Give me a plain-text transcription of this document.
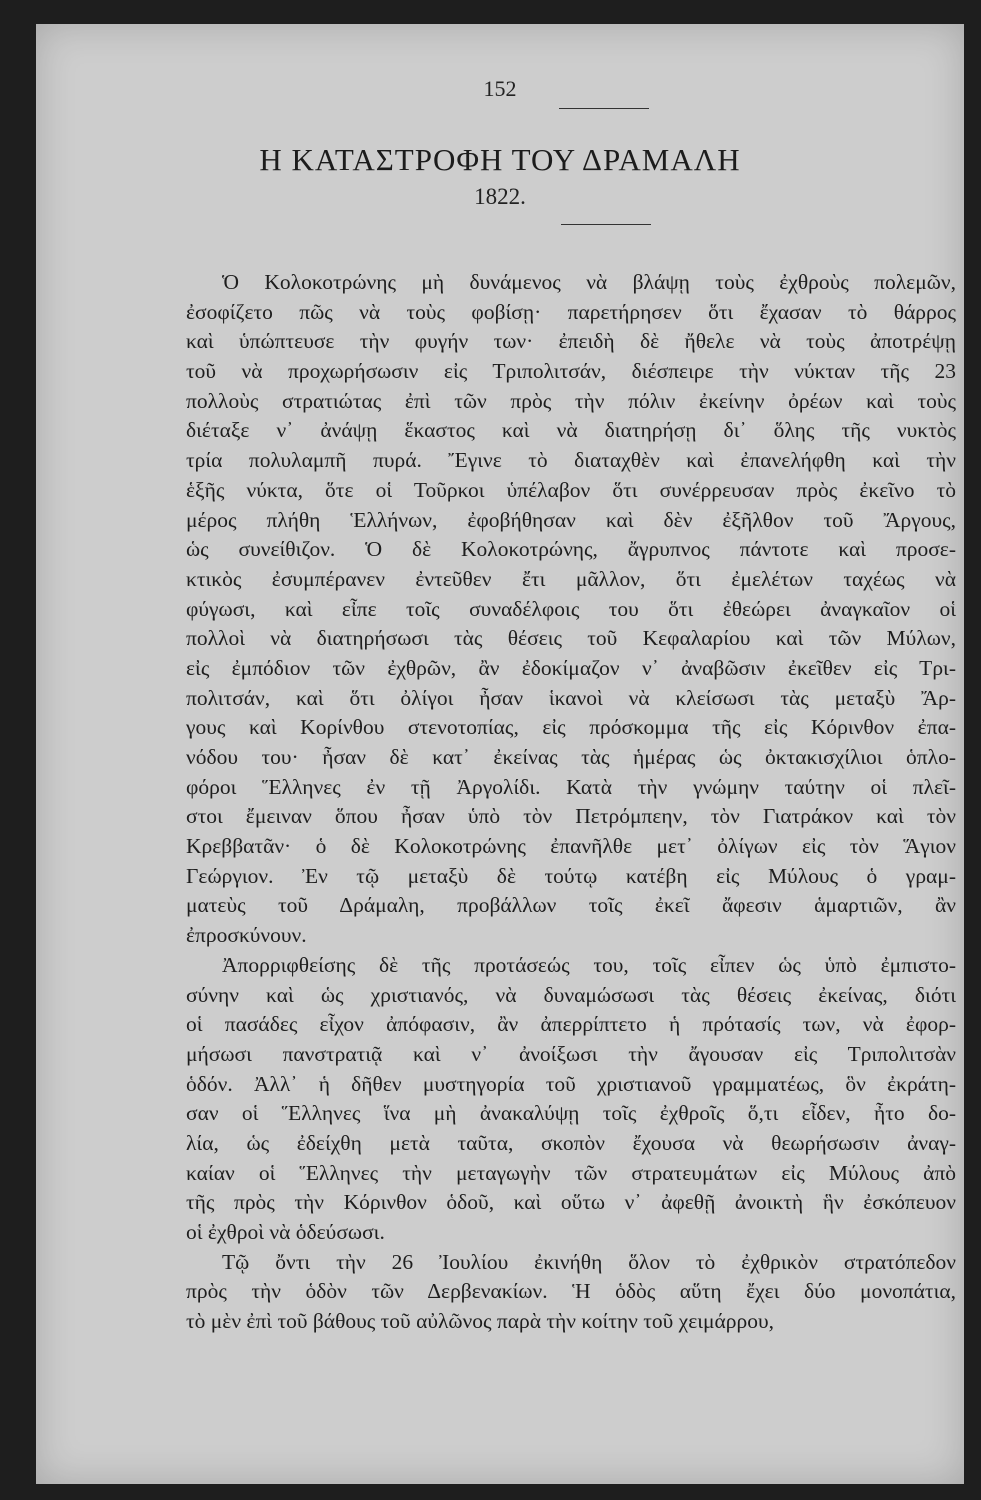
152
Η ΚΑΤΑΣΤΡΟΦΗ ΤΟΥ ΔΡΑΜΑΛΗ
1822.
Ὁ Κολοκοτρώνης μὴ δυνάμενος νὰ βλάψῃ τοὺς ἐχθροὺς πολεμῶν,
ἐσοφίζετο πῶς νὰ τοὺς φοβίσῃ· παρετήρησεν ὅτι ἔχασαν τὸ θάρρος
καὶ ὑπώπτευσε τὴν φυγήν των· ἐπειδὴ δὲ ἤθελε νὰ τοὺς ἀποτρέψῃ
τοῦ νὰ προχωρήσωσιν εἰς Τριπολιτσάν, διέσπειρε τὴν νύκταν τῆς 23
πολλοὺς στρατιώτας ἐπὶ τῶν πρὸς τὴν πόλιν ἐκείνην ὀρέων καὶ τοὺς
διέταξε ν᾿ ἀνάψῃ ἕκαστος καὶ νὰ διατηρήσῃ δι᾿ ὅλης τῆς νυκτὸς
τρία πολυλαμπῆ πυρά. Ἔγινε τὸ διαταχθὲν καὶ ἐπανελήφθη καὶ τὴν
ἑξῆς νύκτα, ὅτε οἱ Τοῦρκοι ὑπέλαβον ὅτι συνέρρευσαν πρὸς ἐκεῖνο τὸ
μέρος πλήθη Ἑλλήνων, ἐφοβήθησαν καὶ δὲν ἐξῆλθον τοῦ Ἄργους,
ὡς συνείθιζον. Ὁ δὲ Κολοκοτρώνης, ἄγρυπνος πάντοτε καὶ προσε-
κτικὸς ἐσυμπέρανεν ἐντεῦθεν ἔτι μᾶλλον, ὅτι ἐμελέτων ταχέως νὰ
φύγωσι, καὶ εἶπε τοῖς συναδέλφοις του ὅτι ἐθεώρει ἀναγκαῖον οἱ
πολλοὶ νὰ διατηρήσωσι τὰς θέσεις τοῦ Κεφαλαρίου καὶ τῶν Μύλων,
εἰς ἐμπόδιον τῶν ἐχθρῶν, ἂν ἐδοκίμαζον ν᾿ ἀναβῶσιν ἐκεῖθεν εἰς Τρι-
πολιτσάν, καὶ ὅτι ὀλίγοι ἦσαν ἱκανοὶ νὰ κλείσωσι τὰς μεταξὺ Ἄρ-
γους καὶ Κορίνθου στενοτοπίας, εἰς πρόσκομμα τῆς εἰς Κόρινθον ἐπα-
νόδου του· ἦσαν δὲ κατ᾿ ἐκείνας τὰς ἡμέρας ὡς ὀκτακισχίλιοι ὁπλο-
φόροι Ἕλληνες ἐν τῇ Ἀργολίδι. Κατὰ τὴν γνώμην ταύτην οἱ πλεῖ-
στοι ἔμειναν ὅπου ἦσαν ὑπὸ τὸν Πετρόμπεην, τὸν Γιατράκον καὶ τὸν
Κρεββατᾶν· ὁ δὲ Κολοκοτρώνης ἐπανῆλθε μετ᾿ ὀλίγων εἰς τὸν Ἅγιον
Γεώργιον. Ἐν τῷ μεταξὺ δὲ τούτῳ κατέβη εἰς Μύλους ὁ γραμ-
ματεὺς τοῦ Δράμαλη, προβάλλων τοῖς ἐκεῖ ἄφεσιν ἁμαρτιῶν, ἂν
ἐπροσκύνουν.
Ἀπορριφθείσης δὲ τῆς προτάσεώς του, τοῖς εἶπεν ὡς ὑπὸ ἐμπιστο-
σύνην καὶ ὡς χριστιανός, νὰ δυναμώσωσι τὰς θέσεις ἐκείνας, διότι
οἱ πασάδες εἶχον ἀπόφασιν, ἂν ἀπερρίπτετο ἡ πρότασίς των, νὰ ἐφορ-
μήσωσι πανστρατιᾷ καὶ ν᾿ ἀνοίξωσι τὴν ἄγουσαν εἰς Τριπολιτσὰν
ὁδόν. Ἀλλ᾿ ἡ δῆθεν μυστηγορία τοῦ χριστιανοῦ γραμματέως, ὃν ἐκράτη-
σαν οἱ Ἕλληνες ἵνα μὴ ἀνακαλύψῃ τοῖς ἐχθροῖς ὅ,τι εἶδεν, ἦτο δο-
λία, ὡς ἐδείχθη μετὰ ταῦτα, σκοπὸν ἔχουσα νὰ θεωρήσωσιν ἀναγ-
καίαν οἱ Ἕλληνες τὴν μεταγωγὴν τῶν στρατευμάτων εἰς Μύλους ἀπὸ
τῆς πρὸς τὴν Κόρινθον ὁδοῦ, καὶ οὕτω ν᾿ ἀφεθῇ ἀνοικτὴ ἣν ἐσκόπευον
οἱ ἐχθροὶ νὰ ὁδεύσωσι.
Τῷ ὄντι τὴν 26 Ἰουλίου ἐκινήθη ὅλον τὸ ἐχθρικὸν στρατόπεδον
πρὸς τὴν ὁδὸν τῶν Δερβενακίων. Ἡ ὁδὸς αὕτη ἔχει δύο μονοπάτια,
τὸ μὲν ἐπὶ τοῦ βάθους τοῦ αὐλῶνος παρὰ τὴν κοίτην τοῦ χειμάρρου,
